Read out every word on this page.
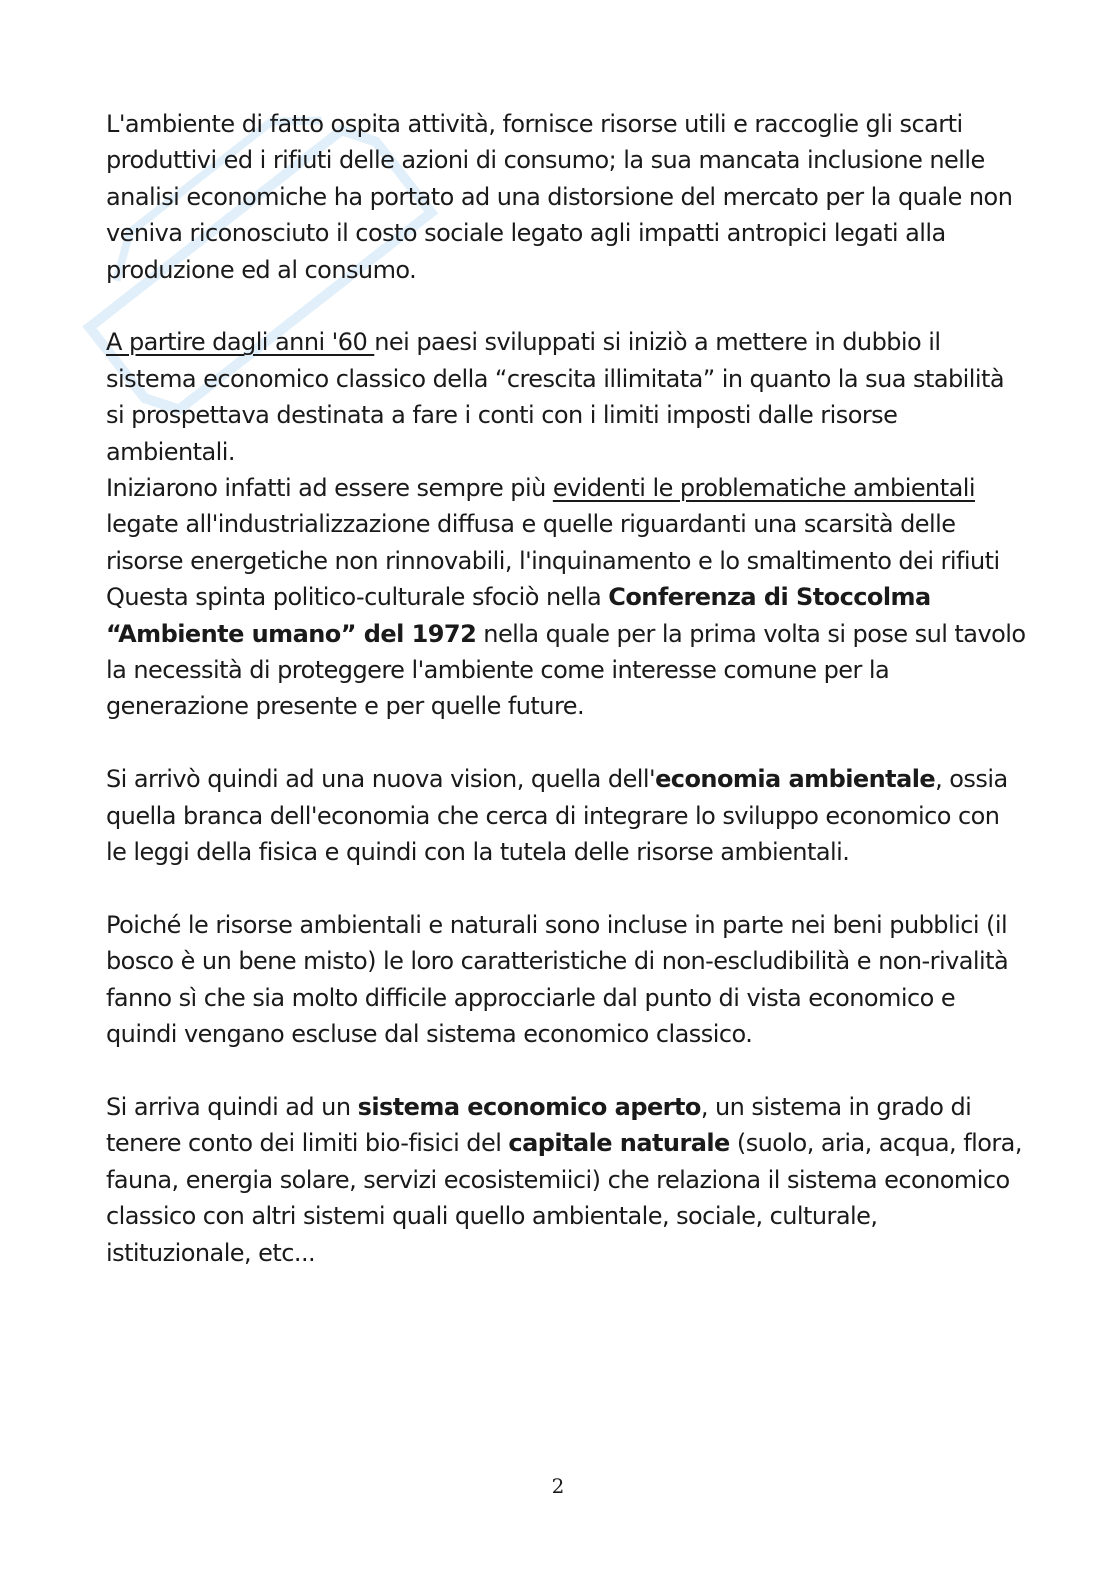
L'ambiente di fatto ospita attività, fornisce risorse utili e raccoglie gli scarti produttivi ed i rifiuti delle azioni di consumo; la sua mancata inclusione nelle analisi economiche ha portato ad una distorsione del mercato per la quale non veniva riconosciuto il costo sociale legato agli impatti antropici legati alla produzione ed al consumo.

A partire dagli anni '60 nei paesi sviluppati si iniziò a mettere in dubbio il sistema economico classico della “crescita illimitata” in quanto la sua stabilità si prospettava destinata a fare i conti con i limiti imposti dalle risorse ambientali.

Iniziarono infatti ad essere sempre più evidenti le problematiche ambientali legate all'industrializzazione diffusa e quelle riguardanti una scarsità delle risorse energetiche non rinnovabili, l'inquinamento e lo smaltimento dei rifiuti

Questa spinta politico-culturale sfociò nella Conferenza di Stoccolma “Ambiente umano” del 1972 nella quale per la prima volta si pose sul tavolo la necessità di proteggere l'ambiente come interesse comune per la generazione presente e per quelle future.

Si arrivò quindi ad una nuova vision, quella dell'economia ambientale, ossia quella branca dell'economia che cerca di integrare lo sviluppo economico con le leggi della fisica e quindi con la tutela delle risorse ambientali.

Poiché le risorse ambientali e naturali sono incluse in parte nei beni pubblici (il bosco è un bene misto) le loro caratteristiche di non-escludibilità e non-rivalità fanno sì che sia molto difficile approcciarle dal punto di vista economico e quindi vengano escluse dal sistema economico classico.

Si arriva quindi ad un sistema economico aperto, un sistema in grado di tenere conto dei limiti bio-fisici del capitale naturale (suolo, aria, acqua, flora, fauna, energia solare, servizi ecosistemiici) che relaziona il sistema economico classico con altri sistemi quali quello ambientale, sociale, culturale, istituzionale, etc...

2
